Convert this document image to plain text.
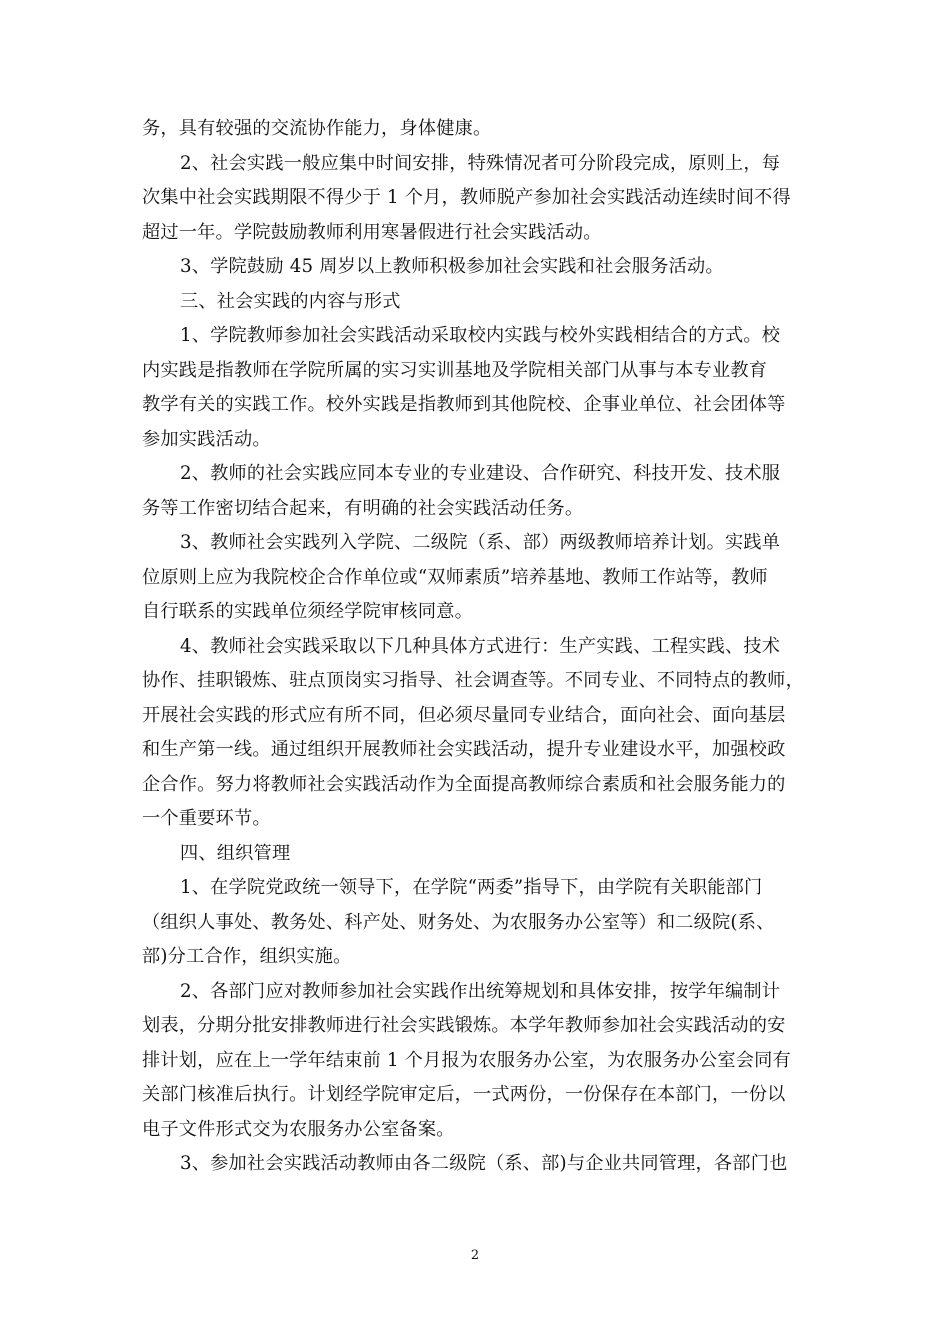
务，具有较强的交流协作能力，身体健康。
2、社会实践一般应集中时间安排，特殊情况者可分阶段完成，原则上，每
次集中社会实践期限不得少于 1 个月，教师脱产参加社会实践活动连续时间不得
超过一年。学院鼓励教师利用寒暑假进行社会实践活动。
3、学院鼓励 45 周岁以上教师积极参加社会实践和社会服务活动。
三、社会实践的内容与形式
1、学院教师参加社会实践活动采取校内实践与校外实践相结合的方式。校
内实践是指教师在学院所属的实习实训基地及学院相关部门从事与本专业教育
教学有关的实践工作。校外实践是指教师到其他院校、企事业单位、社会团体等
参加实践活动。
2、教师的社会实践应同本专业的专业建设、合作研究、科技开发、技术服
务等工作密切结合起来，有明确的社会实践活动任务。
3、教师社会实践列入学院、二级院（系、部）两级教师培养计划。实践单
位原则上应为我院校企合作单位或“双师素质”培养基地、教师工作站等，教师
自行联系的实践单位须经学院审核同意。
4、教师社会实践采取以下几种具体方式进行：生产实践、工程实践、技术
协作、挂职锻炼、驻点顶岗实习指导、社会调查等。不同专业、不同特点的教师，
开展社会实践的形式应有所不同，但必须尽量同专业结合，面向社会、面向基层
和生产第一线。通过组织开展教师社会实践活动，提升专业建设水平，加强校政
企合作。努力将教师社会实践活动作为全面提高教师综合素质和社会服务能力的
一个重要环节。
四、组织管理
1、在学院党政统一领导下，在学院“两委”指导下，由学院有关职能部门
（组织人事处、教务处、科产处、财务处、为农服务办公室等）和二级院(系、
部)分工合作，组织实施。
2、各部门应对教师参加社会实践作出统筹规划和具体安排，按学年编制计
划表，分期分批安排教师进行社会实践锻炼。本学年教师参加社会实践活动的安
排计划，应在上一学年结束前 1 个月报为农服务办公室，为农服务办公室会同有
关部门核准后执行。计划经学院审定后，一式两份，一份保存在本部门，一份以
电子文件形式交为农服务办公室备案。
3、参加社会实践活动教师由各二级院（系、部)与企业共同管理，各部门也
2
